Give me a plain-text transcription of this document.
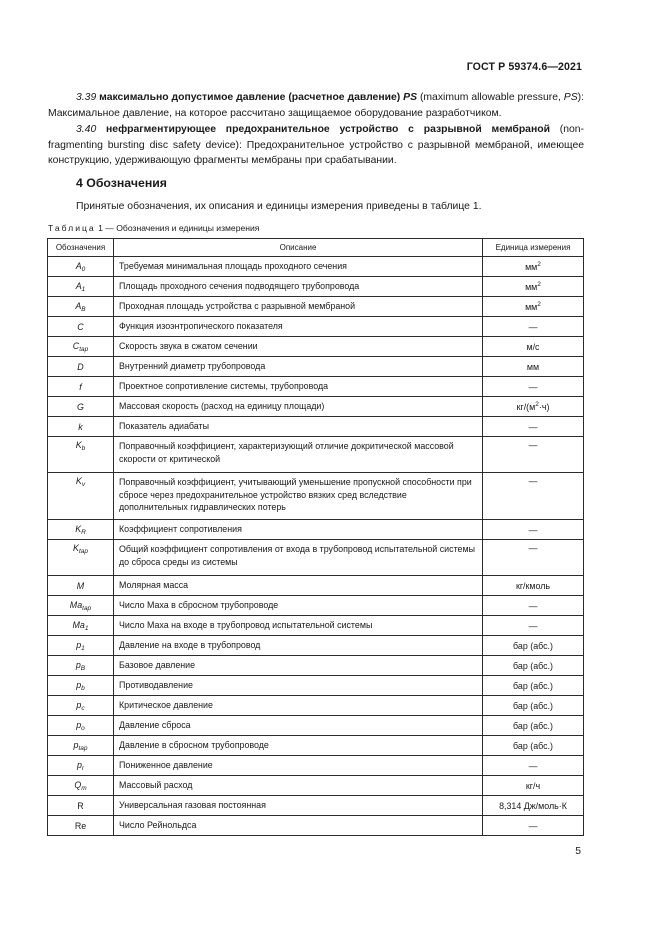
ГОСТ Р 59374.6—2021
3.39 максимально допустимое давление (расчетное давление) PS (maximum allowable pressure, PS): Максимальное давление, на которое рассчитано защищаемое оборудование разработчиком.
3.40 нефрагментирующее предохранительное устройство с разрывной мембраной (non-fragmenting bursting disc safety device): Предохранительное устройство с разрывной мембраной, имеющее конструкцию, удерживающую фрагменты мембраны при срабатывании.
4 Обозначения
Принятые обозначения, их описания и единицы измерения приведены в таблице 1.
Таблица 1 — Обозначения и единицы измерения
Обозначения	Описание	Единица измерения
$A_0$	Требуемая минимальная площадь проходного сечения	$мм^2$
$A_1$	Площадь проходного сечения подводящего трубопровода	$мм^2$
$A_B$	Проходная площадь устройства с разрывной мембраной	$мм^2$
C	Функция изоэнтропического показателя	—
$C_{tap}$	Скорость звука в сжатом сечении	м/с
D	Внутренний диаметр трубопровода	мм
f	Проектное сопротивление системы, трубопровода	—
G	Массовая скорость (расход на единицу площади)	$кг/(м^2\cdot ч)$
k	Показатель адиабаты	—
$K_b$	Поправочный коэффициент, характеризующий отличие докритической массовой скорости от критической	—
$K_v$	Поправочный коэффициент, учитывающий уменьшение пропускной способности при сбросе через предохранительное устройство вязких сред вследствие дополнительных гидравлических потерь	—
$K_R$	Коэффициент сопротивления	—
$K_{tap}$	Общий коэффициент сопротивления от входа в трубопровод испытательной системы до сброса среды из системы	—
M	Молярная масса	кг/кмоль
$Ma_{tap}$	Число Маха в сбросном трубопроводе	—
$Ma_1$	Число Маха на входе в трубопровод испытательной системы	—
$p_1$	Давление на входе в трубопровод	бар (абс.)
$p_B$	Базовое давление	бар (абс.)
$p_b$	Противодавление	бар (абс.)
$p_c$	Критическое давление	бар (абс.)
$p_o$	Давление сброса	бар (абс.)
$p_{tap}$	Давление в сбросном трубопроводе	бар (абс.)
$p_r$	Пониженное давление	—
$Q_m$	Массовый расход	кг/ч
R	Универсальная газовая постоянная	8,314 Дж/моль·К
Re	Число Рейнольдса	—
5
